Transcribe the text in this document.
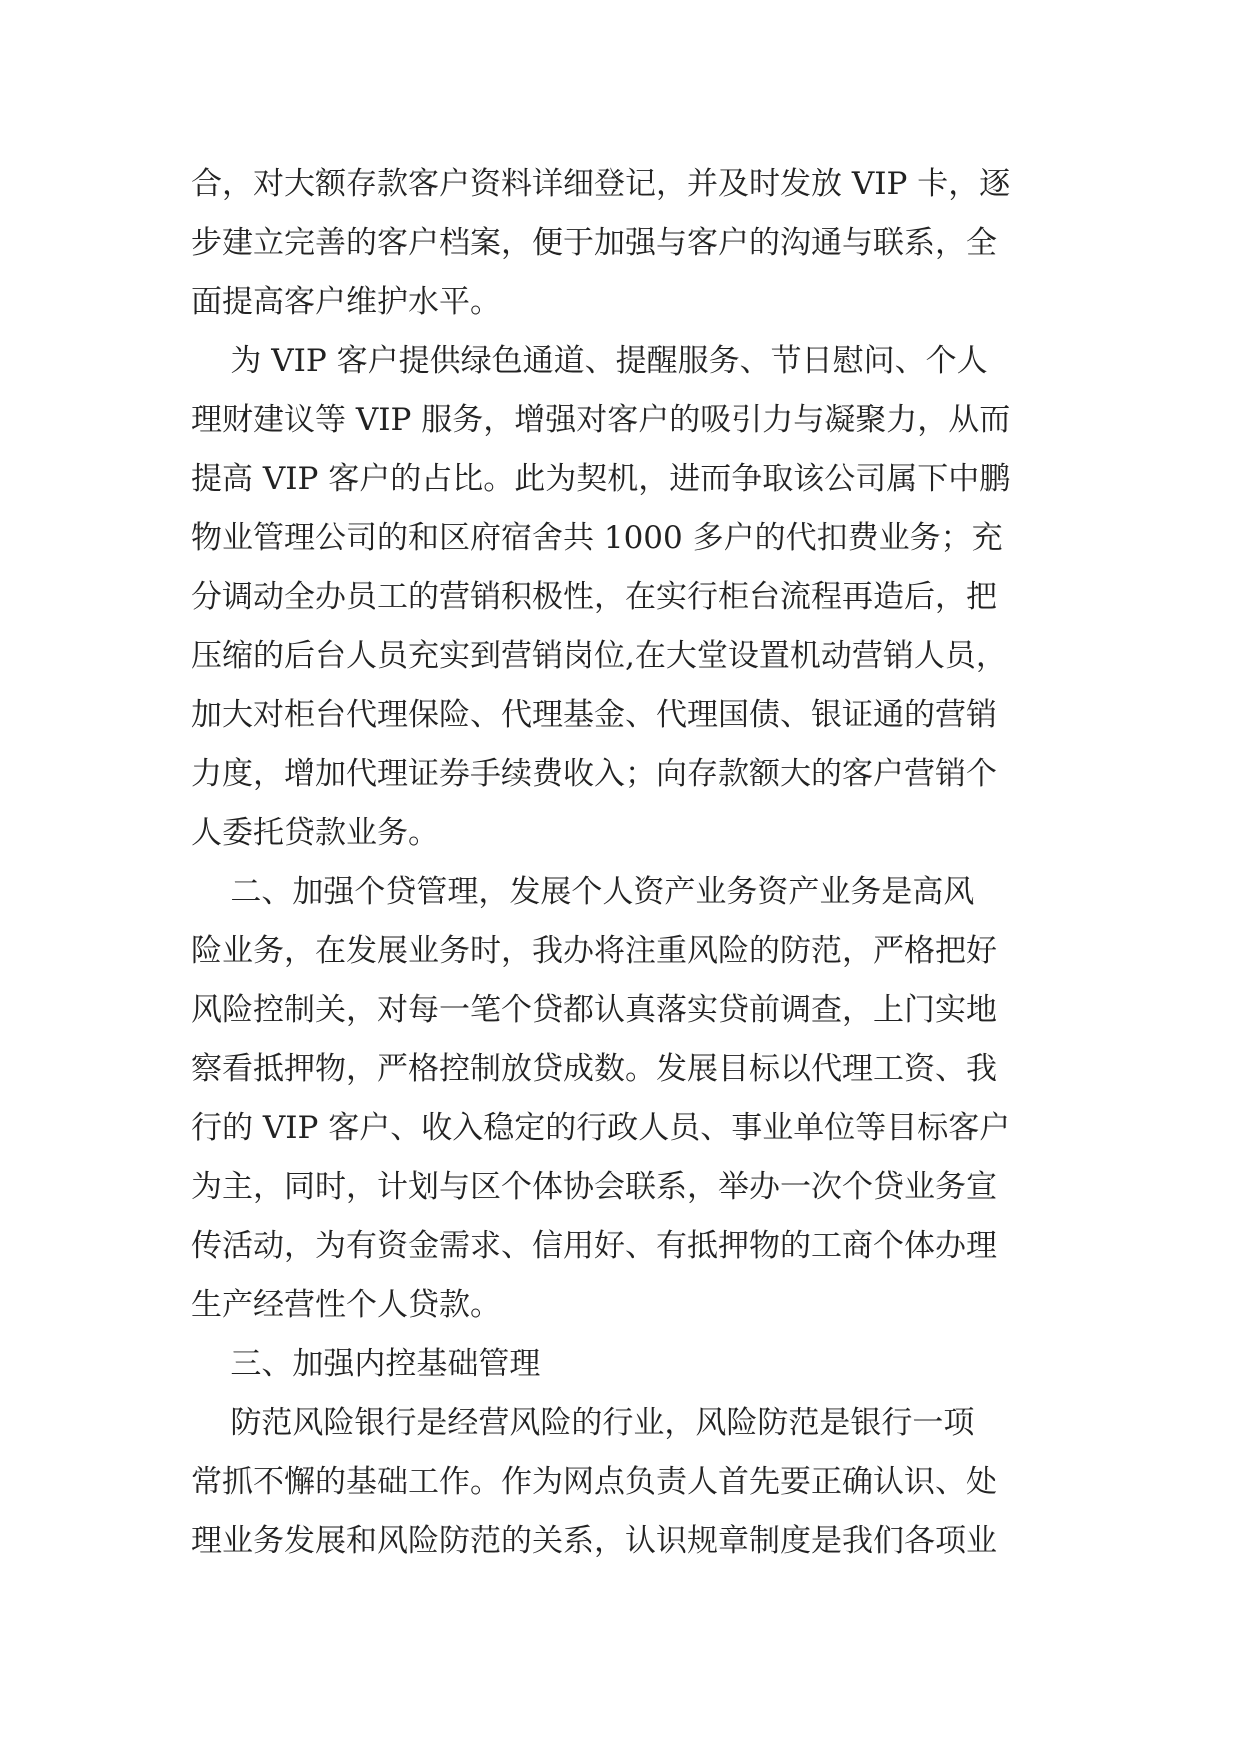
合，对大额存款客户资料详细登记，并及时发放 VIP 卡，逐
步建立完善的客户档案，便于加强与客户的沟通与联系，全
面提高客户维护水平。
为 VIP 客户提供绿色通道、提醒服务、节日慰问、个人
理财建议等 VIP 服务，增强对客户的吸引力与凝聚力，从而
提高 VIP 客户的占比。此为契机，进而争取该公司属下中鹏
物业管理公司的和区府宿舍共 1000 多户的代扣费业务；充
分调动全办员工的营销积极性，在实行柜台流程再造后，把
压缩的后台人员充实到营销岗位,在大堂设置机动营销人员，
加大对柜台代理保险、代理基金、代理国债、银证通的营销
力度，增加代理证券手续费收入；向存款额大的客户营销个
人委托贷款业务。
二、加强个贷管理，发展个人资产业务资产业务是高风
险业务，在发展业务时，我办将注重风险的防范，严格把好
风险控制关，对每一笔个贷都认真落实贷前调查，上门实地
察看抵押物，严格控制放贷成数。发展目标以代理工资、我
行的 VIP 客户、收入稳定的行政人员、事业单位等目标客户
为主，同时，计划与区个体协会联系，举办一次个贷业务宣
传活动，为有资金需求、信用好、有抵押物的工商个体办理
生产经营性个人贷款。
三、加强内控基础管理
防范风险银行是经营风险的行业，风险防范是银行一项
常抓不懈的基础工作。作为网点负责人首先要正确认识、处
理业务发展和风险防范的关系，认识规章制度是我们各项业
